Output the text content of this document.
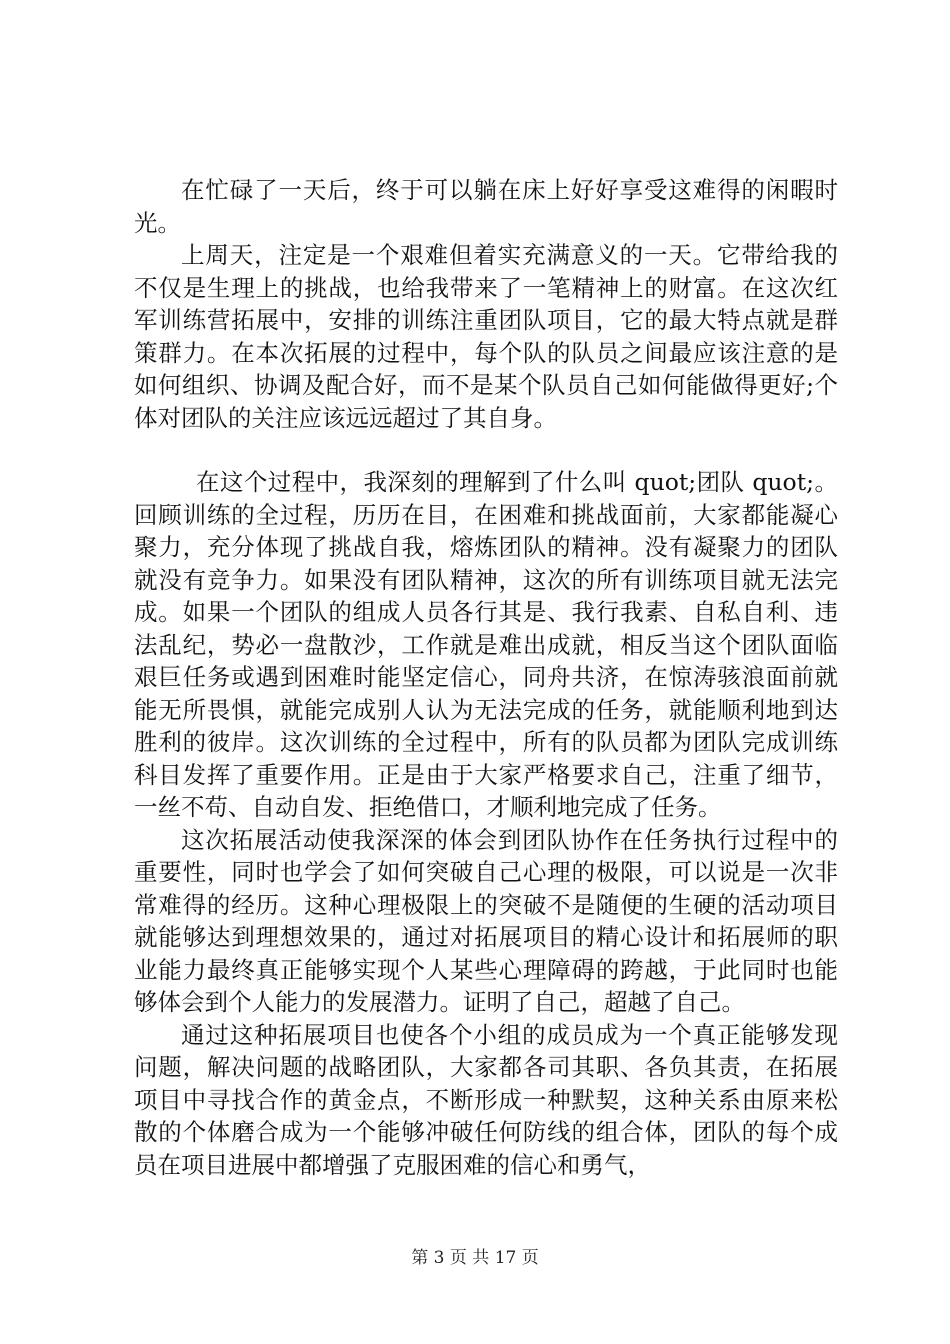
在忙碌了一天后，终于可以躺在床上好好享受这难得的闲暇时光。

上周天，注定是一个艰难但着实充满意义的一天。它带给我的不仅是生理上的挑战，也给我带来了一笔精神上的财富。在这次红军训练营拓展中，安排的训练注重团队项目，它的最大特点就是群策群力。在本次拓展的过程中，每个队的队员之间最应该注意的是如何组织、协调及配合好，而不是某个队员自己如何能做得更好;个体对团队的关注应该远远超过了其自身。

在这个过程中，我深刻的理解到了什么叫 quot;团队 quot;。回顾训练的全过程，历历在目，在困难和挑战面前，大家都能凝心聚力，充分体现了挑战自我，熔炼团队的精神。没有凝聚力的团队就没有竞争力。如果没有团队精神，这次的所有训练项目就无法完成。如果一个团队的组成人员各行其是、我行我素、自私自利、违法乱纪，势必一盘散沙，工作就是难出成就，相反当这个团队面临艰巨任务或遇到困难时能坚定信心，同舟共济，在惊涛骇浪面前就能无所畏惧，就能完成别人认为无法完成的任务，就能顺利地到达胜利的彼岸。这次训练的全过程中，所有的队员都为团队完成训练科目发挥了重要作用。正是由于大家严格要求自己，注重了细节，一丝不苟、自动自发、拒绝借口，才顺利地完成了任务。

这次拓展活动使我深深的体会到团队协作在任务执行过程中的重要性，同时也学会了如何突破自己心理的极限，可以说是一次非常难得的经历。这种心理极限上的突破不是随便的生硬的活动项目就能够达到理想效果的，通过对拓展项目的精心设计和拓展师的职业能力最终真正能够实现个人某些心理障碍的跨越，于此同时也能够体会到个人能力的发展潜力。证明了自己，超越了自己。

通过这种拓展项目也使各个小组的成员成为一个真正能够发现问题，解决问题的战略团队，大家都各司其职、各负其责，在拓展项目中寻找合作的黄金点，不断形成一种默契，这种关系由原来松散的个体磨合成为一个能够冲破任何防线的组合体，团队的每个成员在项目进展中都增强了克服困难的信心和勇气，

第 3 页 共 17 页
